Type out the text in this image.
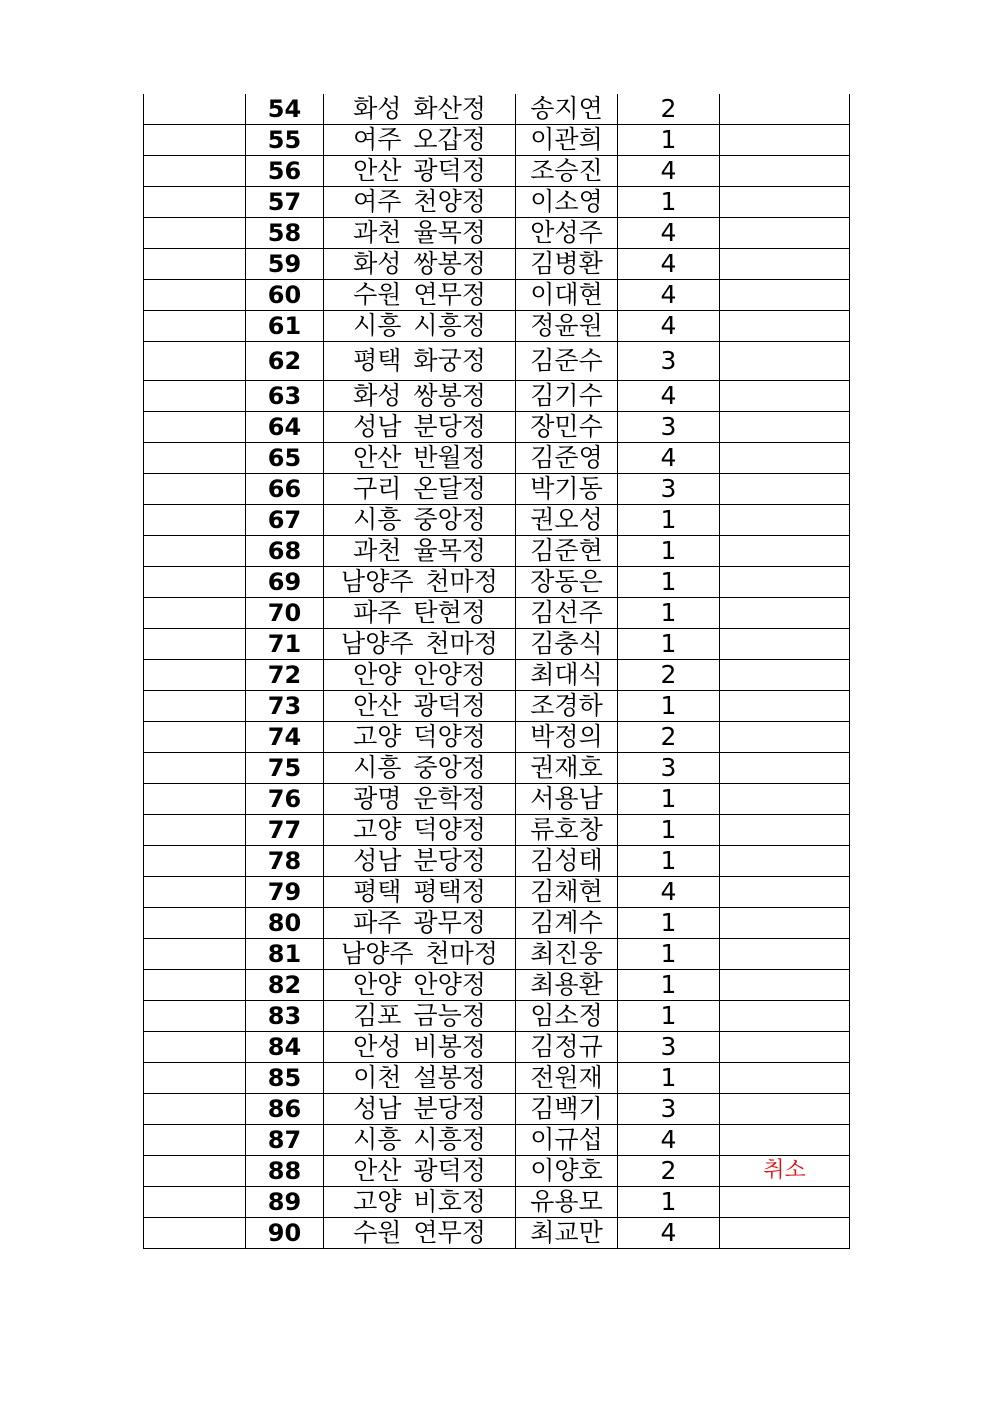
	54	화성 화산정	송지연	2	
	55	여주 오갑정	이관희	1	
	56	안산 광덕정	조승진	4	
	57	여주 천양정	이소영	1	
	58	과천 율목정	안성주	4	
	59	화성 쌍봉정	김병환	4	
	60	수원 연무정	이대현	4	
	61	시흥 시흥정	정윤원	4	
	62	평택 화궁정	김준수	3	
	63	화성 쌍봉정	김기수	4	
	64	성남 분당정	장민수	3	
	65	안산 반월정	김준영	4	
	66	구리 온달정	박기동	3	
	67	시흥 중앙정	권오성	1	
	68	과천 율목정	김준현	1	
	69	남양주 천마정	장동은	1	
	70	파주 탄현정	김선주	1	
	71	남양주 천마정	김충식	1	
	72	안양 안양정	최대식	2	
	73	안산 광덕정	조경하	1	
	74	고양 덕양정	박정의	2	
	75	시흥 중앙정	권재호	3	
	76	광명 운학정	서용남	1	
	77	고양 덕양정	류호창	1	
	78	성남 분당정	김성태	1	
	79	평택 평택정	김채현	4	
	80	파주 광무정	김계수	1	
	81	남양주 천마정	최진웅	1	
	82	안양 안양정	최용환	1	
	83	김포 금능정	임소정	1	
	84	안성 비봉정	김정규	3	
	85	이천 설봉정	전원재	1	
	86	성남 분당정	김백기	3	
	87	시흥 시흥정	이규섭	4	
	88	안산 광덕정	이양호	2	취소
	89	고양 비호정	유용모	1	
	90	수원 연무정	최교만	4	
